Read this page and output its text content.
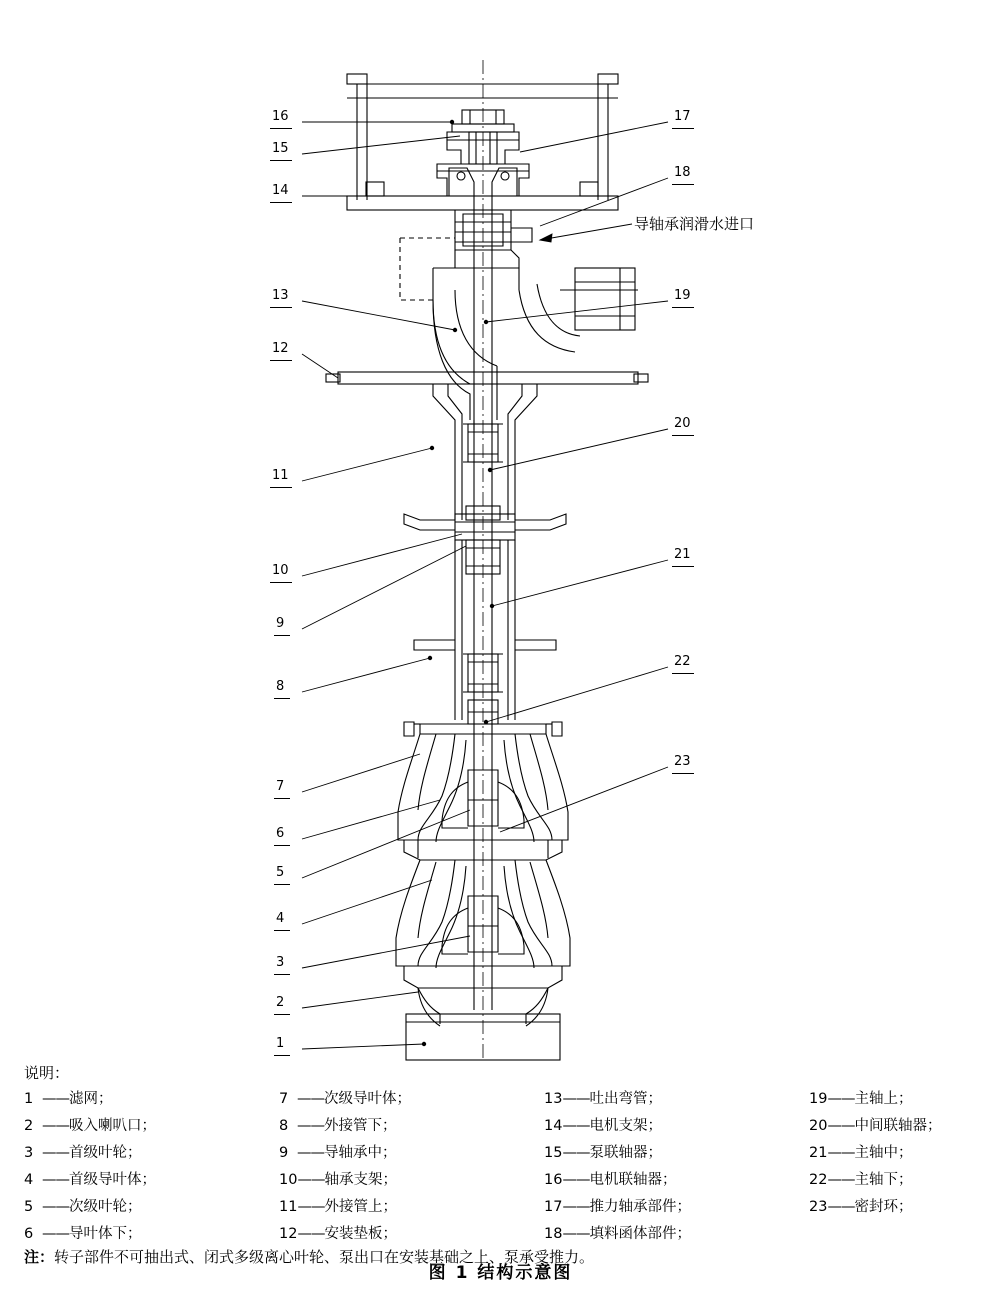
16
15
14
13
12
11
10
9
8
7
6
5
4
3
2
1
17
18
19
20
21
22
23
导轴承润滑水进口
说明：
1 ——滤网；
2 ——吸入喇叭口；
3 ——首级叶轮；
4 ——首级导叶体；
5 ——次级叶轮；
6 ——导叶体下；
7 ——次级导叶体；
8 ——外接管下；
9 ——导轴承中；
10——轴承支架；
11——外接管上；
12——安装垫板；
13——吐出弯管；
14——电机支架；
15——泵联轴器；
16——电机联轴器；
17——推力轴承部件；
18——填料函体部件；
19——主轴上；
20——中间联轴器；
21——主轴中；
22——主轴下；
23——密封环；
注：转子部件不可抽出式、闭式多级离心叶轮、泵出口在安装基础之上、泵承受推力。
图 1 结构示意图
